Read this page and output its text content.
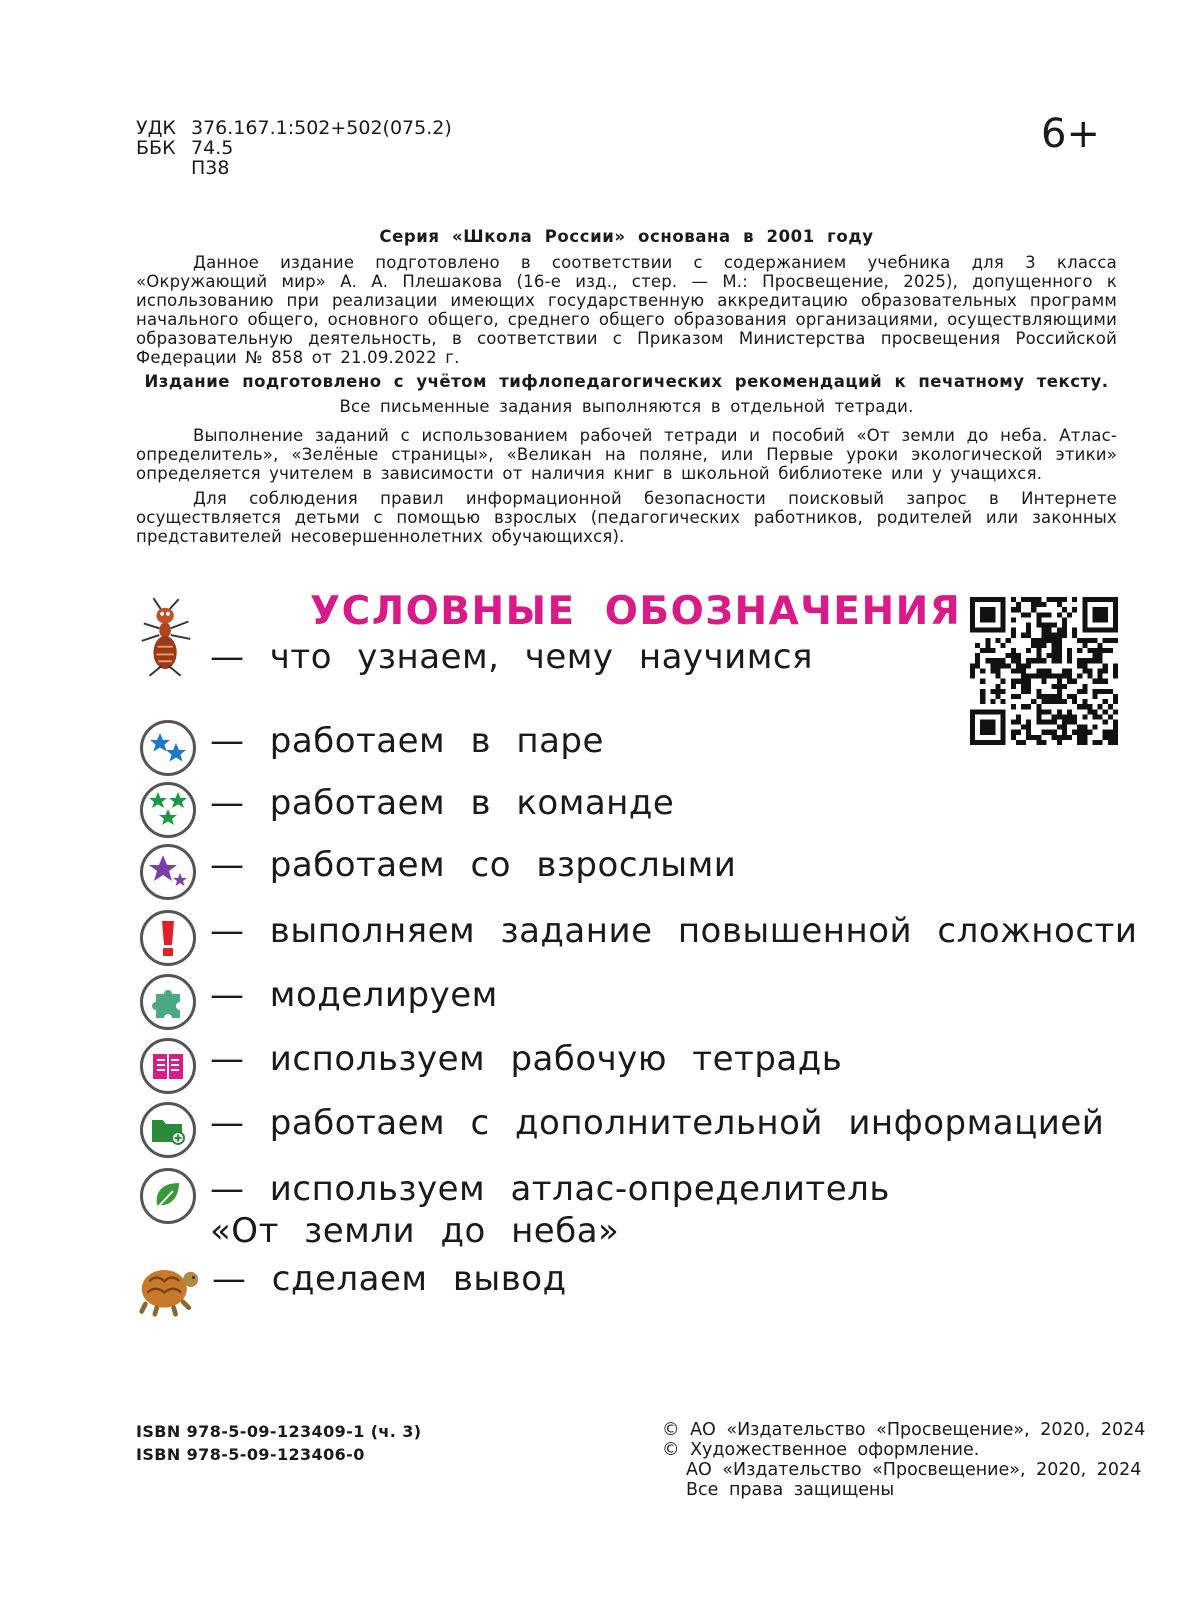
УДК 376.167.1:502+502(075.2)
ББК 74.5
П38
6+
Серия «Школа России» основана в 2001 году
Данное издание подготовлено в соответствии с содержанием учебника для 3 класса «Окружающий мир» А. А. Плешакова (16-е изд., стер. — М.: Просвещение, 2025), допущенного к использованию при реализации имеющих государственную аккредитацию образовательных программ начального общего, основного общего, среднего общего образования организациями, осуществляющими образовательную деятельность, в соответствии с Приказом Министерства просвещения Российской Федерации № 858 от 21.09.2022 г.
Издание подготовлено с учётом тифлопедагогических рекомендаций к печатному тексту.
Все письменные задания выполняются в отдельной тетради.
Выполнение заданий с использованием рабочей тетради и пособий «От земли до неба. Атлас-определитель», «Зелёные страницы», «Великан на поляне, или Первые уроки экологической этики» определяется учителем в зависимости от наличия книг в школьной библиотеке или у учащихся.
Для соблюдения правил информационной безопасности поисковый запрос в Интернете осуществляется детьми с помощью взрослых (педагогических работников, родителей или законных представителей несовершеннолетних обучающихся).
УСЛОВНЫЕ ОБОЗНАЧЕНИЯ
— что узнаем, чему научимся
— работаем в паре
— работаем в команде
— работаем со взрослыми
— выполняем задание повышенной сложности
— моделируем
— используем рабочую тетрадь
— работаем с дополнительной информацией
— используем атлас-определитель
«От земли до неба»
— сделаем вывод
ISBN 978-5-09-123409-1 (ч. 3)
ISBN 978-5-09-123406-0
© АО «Издательство «Просвещение», 2020, 2024
© Художественное оформление.
АО «Издательство «Просвещение», 2020, 2024
Все права защищены
